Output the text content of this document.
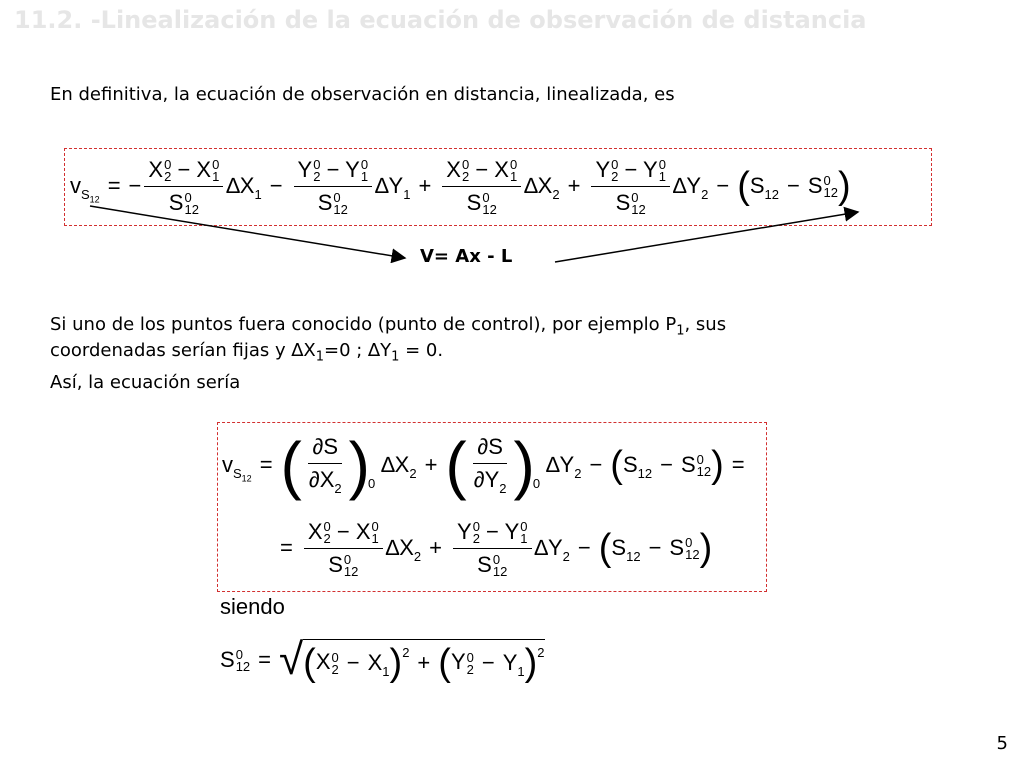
11.2. -Linealización de la ecuación de observación de distancia
En definitiva, la ecuación de observación en distancia, linealizada, es
$v_{S_{12}}$
= − X 0
2 − X 0
1
S 0
12 $\Delta X_1 - Y$ 0
2 − Y 0
1
S 0
12 $\Delta Y_1 + X$ 0
2 − X 0
1
S 0
12 $\Delta X_2 + Y$ 0
2 − Y 0
1
S 0
12 $\Delta Y_2$ − ( $S_{12} - S$ 0
12 )
V= Ax - L
Si uno de los puntos fuera conocido (punto de control), por ejemplo $P_1$, sus
coordenadas serían fijas y $\Delta X_1=0$ ; $\Delta Y_1 = 0$.
Así, la ecuación sería
$v_{S_{12}}$
= ( $\frac{\partial S}{\partial X_2}$ )
0
$\Delta X_2$ + ( $\frac{\partial S}{\partial Y_2}$ )
0
$\Delta Y_2$ − ( $S_{12} - S$ 0
12 ) =
= X 0
2 − X 0
1
S 0
12 $\Delta X_2 + Y$ 0
2 − Y 0
1
S 0
12 $\Delta Y_2$ − ( $S_{12} - S$ 0
12 )
siendo
S 0
12 = √ ( X 0
$2 - X_1$ ) 2 + ( Y 0
$2 - Y_1$ ) 2
5
